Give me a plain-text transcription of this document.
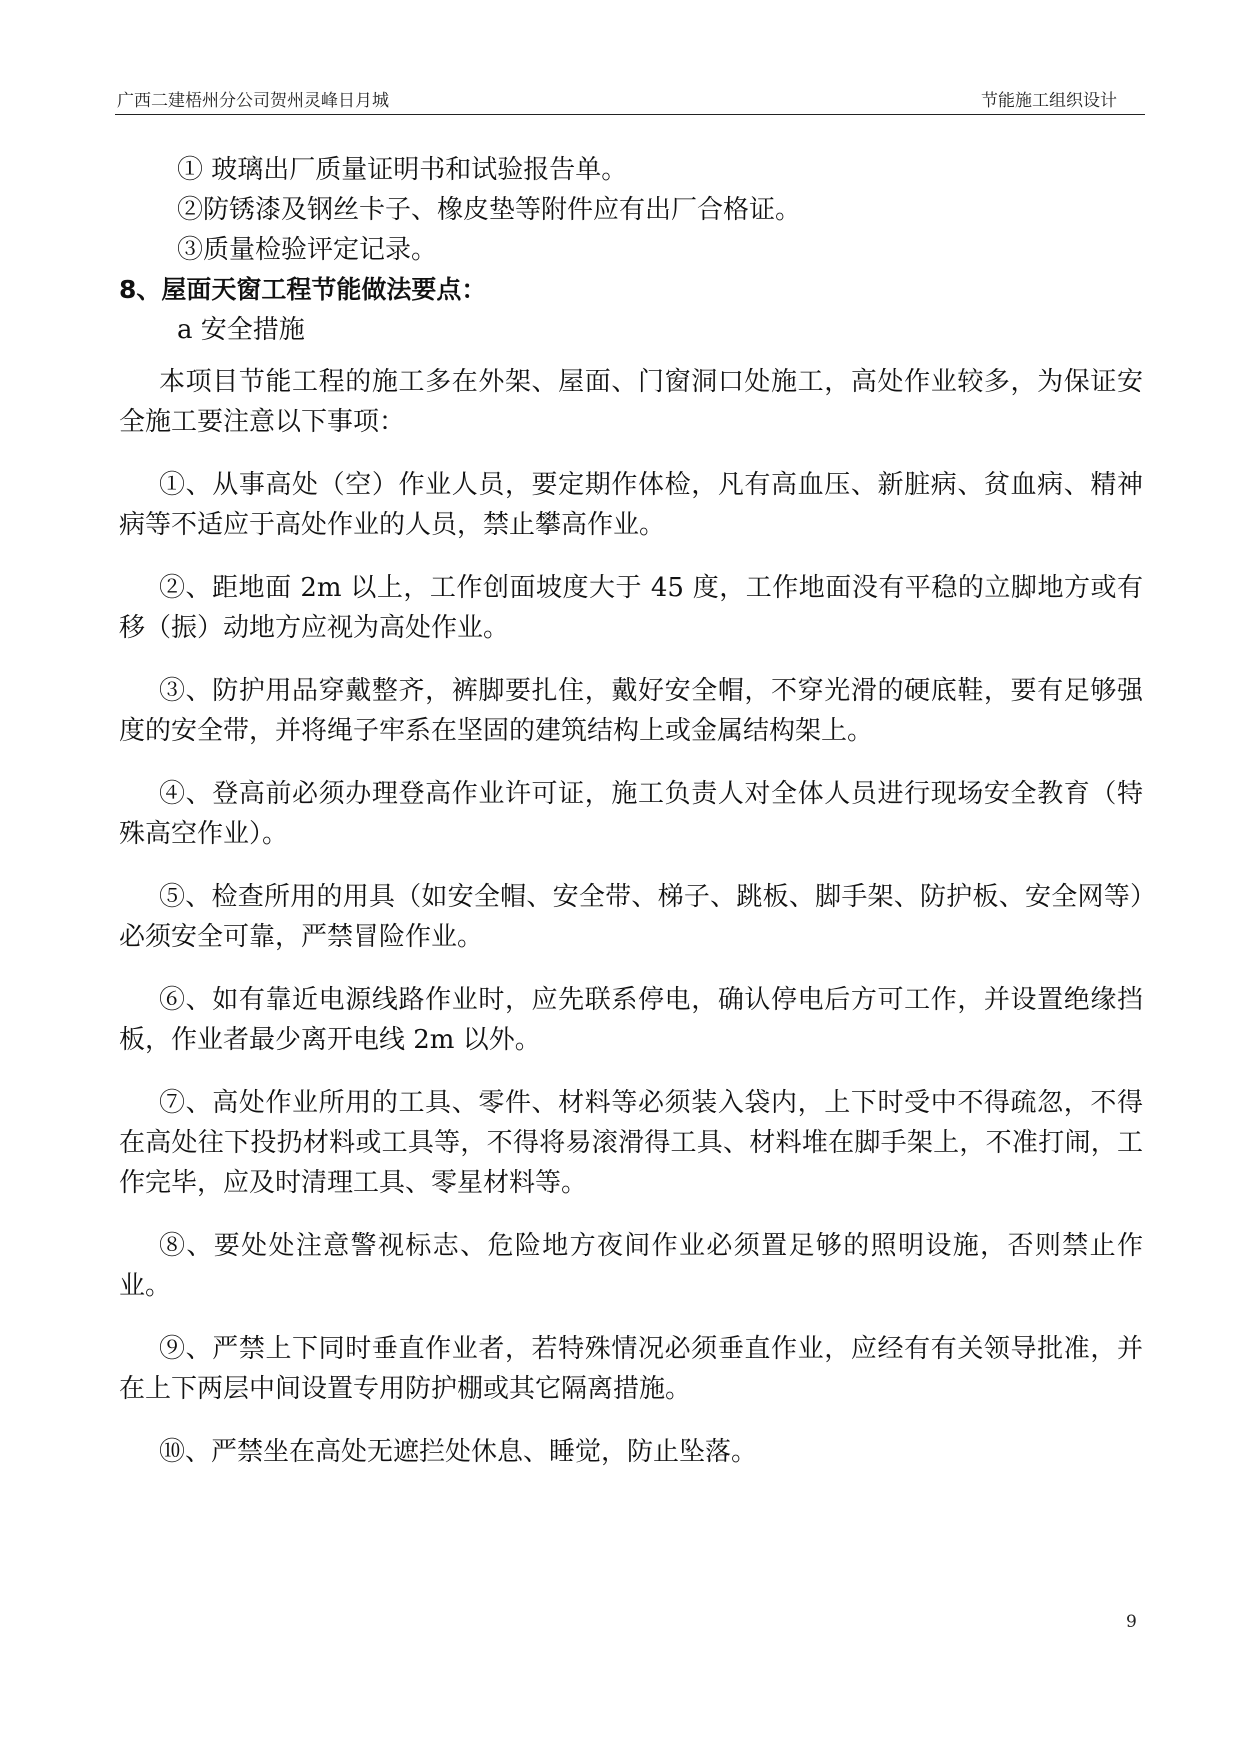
广西二建梧州分公司贺州灵峰日月城	节能施工组织设计
① 玻璃出厂质量证明书和试验报告单。
②防锈漆及钢丝卡子、橡皮垫等附件应有出厂合格证。
③质量检验评定记录。
8、屋面天窗工程节能做法要点：
a 安全措施

本项目节能工程的施工多在外架、屋面、门窗洞口处施工，高处作业较多，为保证安全施工要注意以下事项：

①、从事高处（空）作业人员，要定期作体检，凡有高血压、新脏病、贫血病、精神病等不适应于高处作业的人员，禁止攀高作业。

②、距地面 2m 以上，工作创面坡度大于 45 度，工作地面没有平稳的立脚地方或有移（振）动地方应视为高处作业。

③、防护用品穿戴整齐，裤脚要扎住，戴好安全帽，不穿光滑的硬底鞋，要有足够强度的安全带，并将绳子牢系在坚固的建筑结构上或金属结构架上。

④、登高前必须办理登高作业许可证，施工负责人对全体人员进行现场安全教育（特殊高空作业）。

⑤、检查所用的用具（如安全帽、安全带、梯子、跳板、脚手架、防护板、安全网等）必须安全可靠，严禁冒险作业。

⑥、如有靠近电源线路作业时，应先联系停电，确认停电后方可工作，并设置绝缘挡板，作业者最少离开电线 2m 以外。

⑦、高处作业所用的工具、零件、材料等必须装入袋内，上下时受中不得疏忽，不得在高处往下投扔材料或工具等，不得将易滚滑得工具、材料堆在脚手架上，不准打闹，工作完毕，应及时清理工具、零星材料等。

⑧、要处处注意警视标志、危险地方夜间作业必须置足够的照明设施，否则禁止作业。

⑨、严禁上下同时垂直作业者，若特殊情况必须垂直作业，应经有有关领导批准，并在上下两层中间设置专用防护棚或其它隔离措施。

⑩、严禁坐在高处无遮拦处休息、睡觉，防止坠落。

9
